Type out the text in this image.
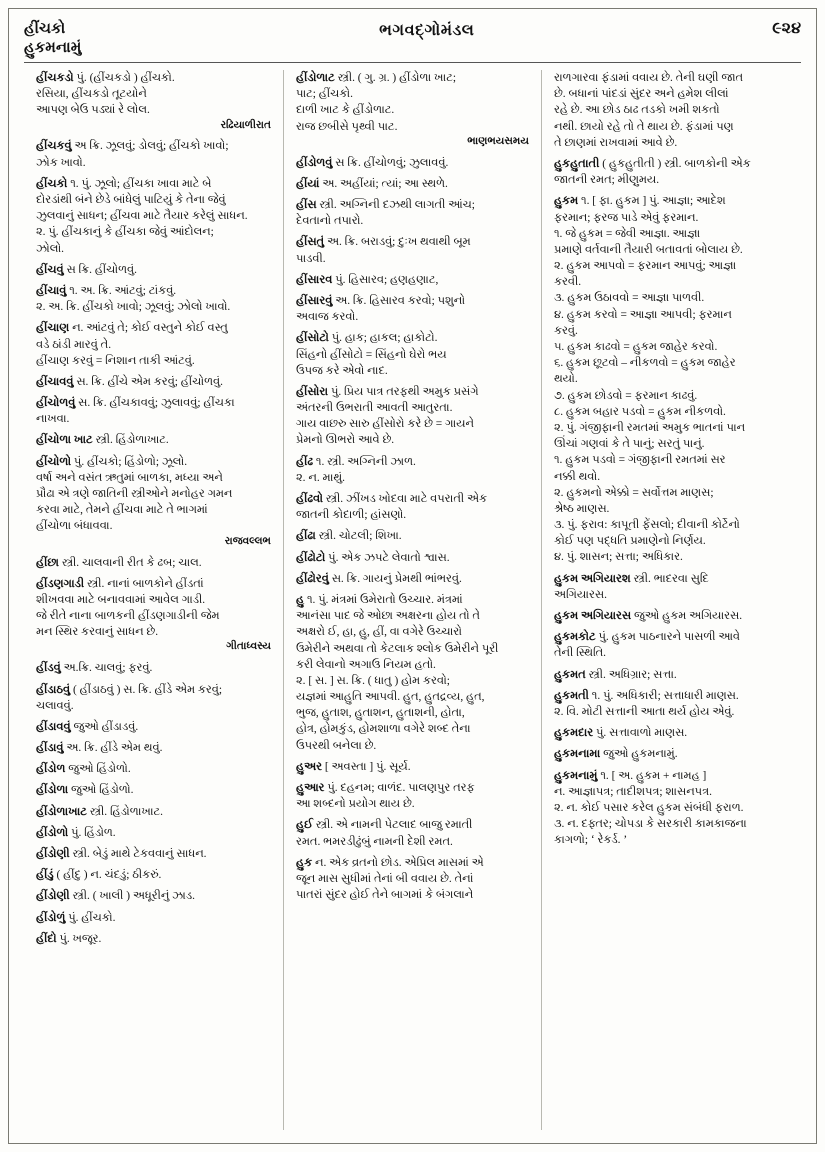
હીંચકો
હુકમનામું
ભગવદ્ગોમંડલ	૯૨૪
હીંચકડો પું. (હીંચકડો ) હીંચકો.
રસિયા, હીંચકડો તૂટયોને
આપણ બેઉ પડ્યાં રે લોલ.
રઢિયાળીરાત
હીંચકવું અ ક્રિ. ઝૂલવું; ડોલવું; હીંચકો ખાવો;
ઝોક ખાવો.
હીંચકો ૧. પું. ઝૂલો; હીંચકા ખાવા માટે બે
દોરડાંથી બંને છેડે બાંધેલું પાટિયું કે તેના જેવું
ઝુલવાનું સાધન; હીંચવા માટે તૈયાર કરેલું સાધન.
૨. પું. હીંચકાનું કે હીંચકા જેવું આંદોલન;
ઝોલો.
હીંચવું સ ક્રિ. હીંચોળવું.
હીંચાવું ૧. અ. ક્રિ. આંટવું; ટાંકવું.
૨. અ. ક્રિ. હીંચકો ખાવો; ઝૂલવું; ઝોલો ખાવો.
હીંચાણ ન. આંટવું તે; કોઈ વસ્તુને કોઈ વસ્તુ
વડે ઠાંડી મારવું તે.
હીંચાણ કરવું = નિશાન તાકી આંટવું.
હીંચાવવું સ. ક્રિ. હીંચે એમ કરવું; હીંચોળવું.
હીંચોળવું સ. ક્રિ. હીંચકાવવું; ઝુલાવવું; હીંચકા
નાખવા.
હીંચોળા ખાટ સ્ત્રી. હિંડોળાખાટ.
હીંચોળો પું. હીંચકો; હિંડોળો; ઝૂલો.
વર્ષા અને વસંત ઋતુમાં બાળકા, મધ્યા અને
પ્રૌઢા એ ત્રણે જાતિની સ્ત્રીઓને મનોહર ગમન
કરવા માટે, તેમને હીંચવા માટે તે ભાગમાં
હીંચોળા બંધાવવા.
રાજવલ્લભ
હીંછા સ્ત્રી. ચાલવાની રીત કે ઢબ; ચાલ.
હીંડણગાડી સ્ત્રી. નાનાં બાળકોને હીંડતાં
શીખવવા માટે બનાવવામાં આવેલ ગાડી.
જે રીતે નાના બાળકની હીંડણગાડીની જેમ
મન સ્થિર કરવાનું સાધન છે.
ગીતાધ્વસ્ય
હીંડવું અ.ક્રિ. ચાલવું; ફરવું.
હીંડાઠવું ( હીંડાઠવું ) સ. ક્રિ. હીંડે એમ કરવું;
ચલાવવું.
હીંડાવવું જુઓ હીંડાડવું.
હીંડાવું અ. ક્રિ. હીંડે એમ થવું.
હીંડોળ જુઓ હિંડોળો.
હીંડોળા જુઓ હિંડોળો.
હીંડોળાખાટ સ્ત્રી. હિંડોળાખાટ.
હીંડોળો પું. હિંડોળ.
હીંડોણી સ્ત્રી. બેડું માથે ટેકવવાનું સાધન.
હીંડું ( હીંદુ ) ન. ચંદડું; ઠીકરું.
હીંડોણી સ્ત્રી. ( ખાલી ) અધૂરીનું ઝાડ.
હીંડોળું પું. હીંચકો.
હીંદો પું. ખજૂર.
હીંડોળાટ સ્ત્રી. ( ગુ. ગ્ર. ) હીંડોળા ખાટ;
પાટ; હીંચકો.
દાળી ખાટ કે હીંડોળાટ.
રાજ છબીસે પૃથ્વી પાટ.
ભાણભયસમય
હીંડોળવું સ ક્રિ. હીંચોળવું; ઝુલાવવું.
હીંયાં અ. અહીંયાં; ત્યાં; આ સ્થળે.
હીંસ સ્ત્રી. અગ્નિની દઝથી લાગતી આંચ;
દેવતાનો તપારો.
હીંસતું અ. ક્રિ. બરાડવું; દુઃખ થવાથી બૂમ
પાડવી.
હીંસારવ પું. હિસારવ; હણહણાટ,
હીંસારવું અ. ક્રિ. હિસારવ કરવો; પશુનો
અવાજ કરવો.
હીંસોટો પું. હાક; હાકલ; હાકોટો.
સિંહનો હીંસોટો = સિંહનો ઘેરો ભય
ઉપજ કરે એવો નાદ.
હીંસોરા પું. પ્રિય પાત્ર તરફથી અમુક પ્રસંગે
અંતરની ઉભરાતી આવતી આતુરતા.
ગાય વાછરુ સારુ હીંસોરો કરે છે = ગાયને
પ્રેમનો ઊભરો આવે છે.
હીંઢ ૧. સ્ત્રી. અગ્નિની ઝાળ.
૨. ન. માથું.
હીંઢવો સ્ત્રી. ઝીંખડ ખોદવા માટે વપરાતી એક
જાતની કોદાળી; હાંસણો.
હીંઢા સ્ત્રી. ચોટલી; શિખા.
હીંઢોટો પું. એક ઝપટે લેવાતો શ્વાસ.
હીંઢોરવું સ. ક્રિ. ગાયનું પ્રેમથી ભાંભરવું.
હુ ૧. પું. મંત્રમાં ઉમેરાતો ઉચ્ચાર. મંત્રમાં
આનંસા પાદ જે ઓછા અક્ષરના હોય તો તે
અક્ષરો ઈ, હા, હુ, હીં, વા વગેરે ઉચ્ચારો
ઉમેરીને અથવા તો કેટલાક શ્લોક ઉમેરીને પૂરી
કરી લેવાનો અગાઉ નિયમ હતો.
૨. [ સ. ] સ. ક્રિ. ( ધાતુ ) હોમ કરવો;
યજ્ઞમાં આહુતિ આપવી. હુત, હુતદ્રવ્ય, હુત,
ભુજ, હુતાશ, હુતાશન, હુતાશની, હોતા,
હોત્ર, હોમકુંડ, હોમશાળા વગેરે શબ્દ તેના
ઉપરથી બનેલા છે.
હુઅર [ અવસ્તા ] પું. સૂર્ય.
હુઆર પું. દહનમ; વાળંદ. પાલણપુર તરફ
આ શબ્દનો પ્રયોગ થાય છે.
હુઈ સ્ત્રી. એ નામની પેટલાદ બાજુ રમાતી
રમત. ભમરડીઢુંબું નામની દેશી રમત.
હુક ન. એક વ્રતનો છોડ. એપ્રિલ માસમાં એ
જૂન માસ સુધીમાં તેનાં બી વવાય છે. તેનાં
પાતરાં સુંદર હોઈ તેને બાગમાં કે બંગલાને
રાળગારવા ફંડામાં વવાય છે. તેની ઘણી જાત
છે. બધાનાં પાંદડાં સુંદર અને હમેશ લીલાં
રહે છે. આ છોડ ઠાઢ તડકો ખમી શકતો
નથી. છાયો રહે તો તે થાય છે. ફંડામાં પણ
તે છાણમાં રાખવામાં આવે છે.
હુકહુતાતી ( હુકહુતીતી ) સ્ત્રી. બાળકોની એક
જાતની રમત; મીણુમય.
હુકમ ૧. [ ફા. હુકમ ] પું. આજ્ઞા; આદેશ
ફરમાન; ફરજ પાડે એવું ફરમાન.
૧. જે હુકમ = જેવી આજ્ઞા. આજ્ઞા
પ્રમાણે વર્તવાની તૈયારી બતાવતાં બોલાય છે.
૨. હુકમ આપવો = ફરમાન આપવું; આજ્ઞા
કરવી.
૩. હુકમ ઉઠાવવો = આજ્ઞા પાળવી.
૪. હુકમ કરવો = આજ્ઞા આપવી; ફરમાન
કરવું.
૫. હુકમ કાઢવો = હુકમ જાહેર કરવો.
૬. હુકમ છૂટવો – નીકળવો = હુકમ જાહેર
થયો.
૭. હુકમ છોડવો = ફરમાન કાઢવું.
૮. હુકમ બહાર પડવો = હુકમ નીકળવો.
૨. પું. ગંજીફાની રમતમાં અમુક ભાતનાં પાન
ઊંચાં ગણવાં કે તે પાનું; સરતું પાનું.
૧. હુકમ પડવો = ગંજીફાની રમતમાં સર
નક્કી થવો.
૨. હુકમનો એક્કો = સર્વોત્તમ માણસ;
શ્રેષ્ઠ માણસ.
૩. પું. ફરાવ: કાપૂતી ફેંસલો; દીવાની કોર્ટેનો
કોઈ પણ પદ્ધતિ પ્રમાણેનો નિર્ણય.
૪. પું. શાસન; સત્તા; અધિકાર.
હુકમ અગિયારશ સ્ત્રી. ભાદરવા સુદિ
અગિયારસ.
હુકમ અગિયારસ જુઓ હુકમ અગિયારસ.
હુકમકોટ પું. હુકમ પાઠનારને પાસળી આવે
તેની સ્થિતિ.
હુકમત સ્ત્રી. અધિગ્રાર; સત્તા.
હુકમતી ૧. પું. અધિકારી; સત્તાધારી માણસ.
૨. વિ. મોટી સત્તાની આતા થર્ય હોય એવું.
હુકમદાર પું. સત્તાવાળો માણસ.
હુકમનામા જુઓ હુકમનામું.
હુકમનામું ૧. [ અ. હુકમ + નામહ ]
ન. આજ્ઞાપત્ર; તાદીશપત્ર; શાસનપત્ર.
૨. ન. કોઈ પસાર કરેલ હુકમ સંબંધી ફરાળ.
૩. ન. દફ્તર; ચોપડા કે સરકારી કામકાજના
કાગળો; ‘ રેકર્ડ. ’
